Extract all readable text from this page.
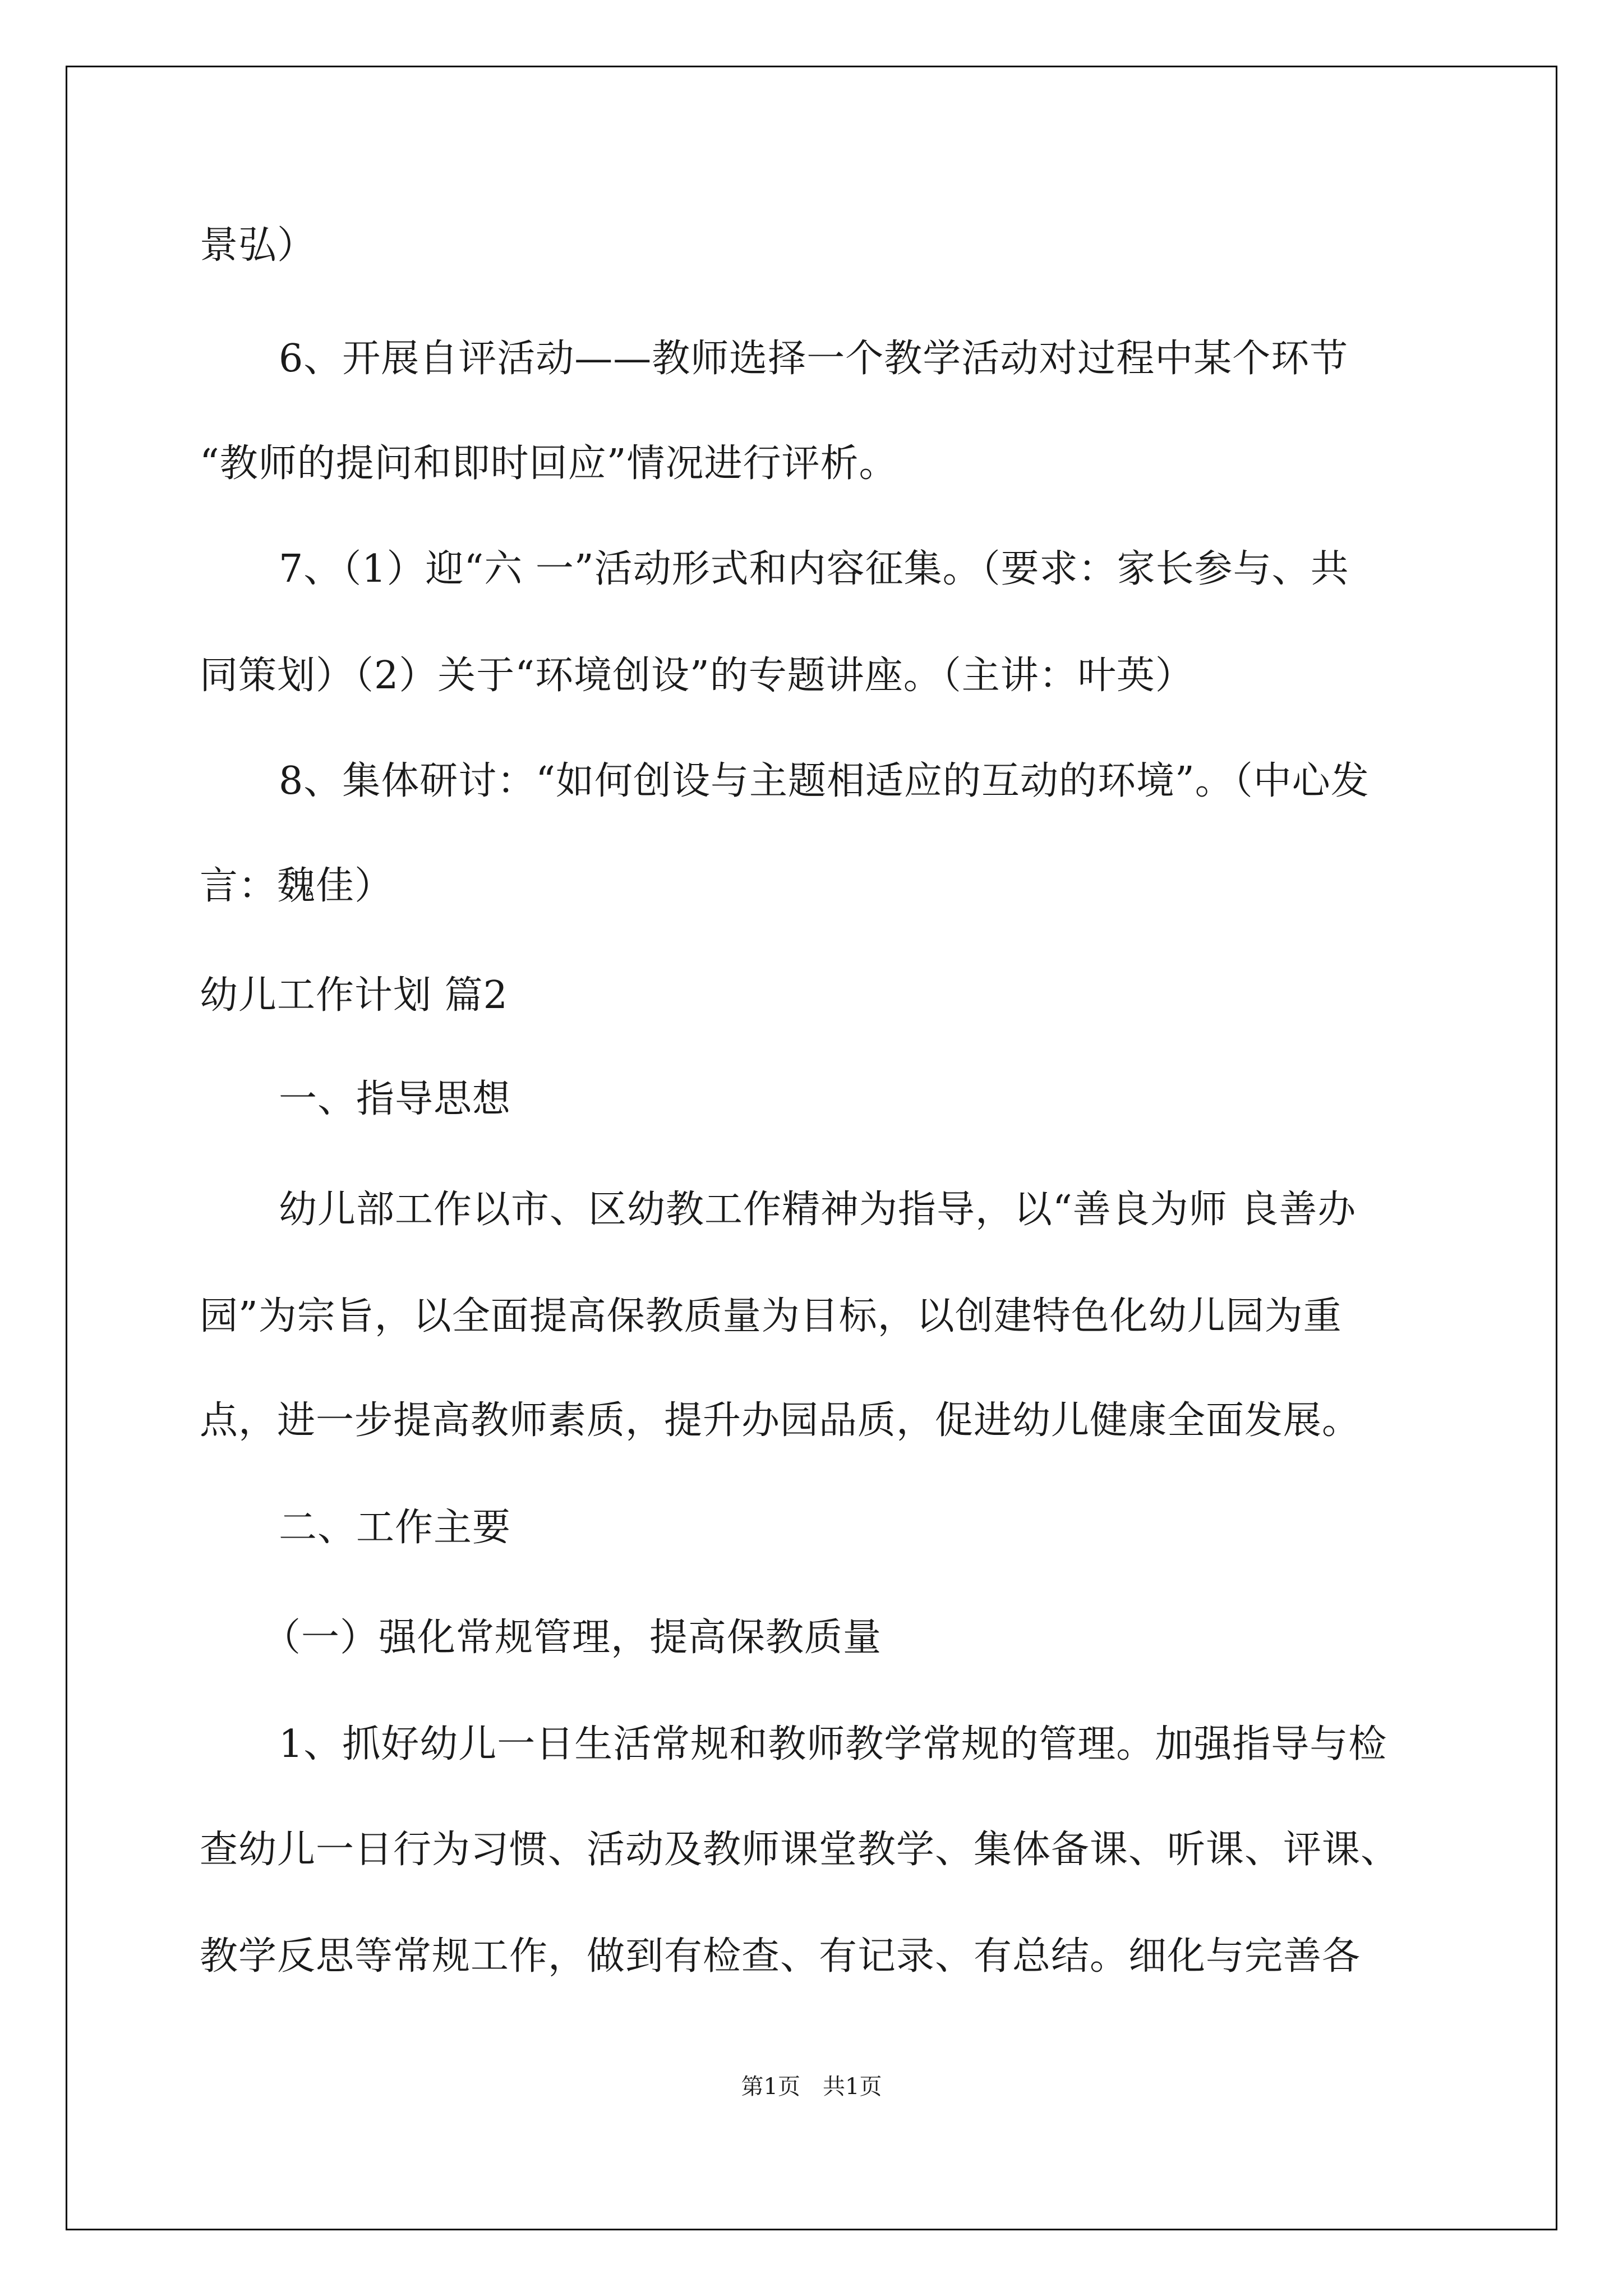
景弘）
6、开展自评活动——教师选择一个教学活动对过程中某个环节
“教师的提问和即时回应”情况进行评析。
7、（1）迎“六 一”活动形式和内容征集。（要求：家长参与、共
同策划）（2）关于“环境创设”的专题讲座。（主讲：叶英）
8、集体研讨：“如何创设与主题相适应的互动的环境”。（中心发
言：魏佳）
幼儿工作计划 篇2
一、指导思想
幼儿部工作以市、区幼教工作精神为指导，以“善良为师 良善办
园”为宗旨，以全面提高保教质量为目标，以创建特色化幼儿园为重
点，进一步提高教师素质，提升办园品质，促进幼儿健康全面发展。
二、工作主要
（一）强化常规管理，提高保教质量
1、抓好幼儿一日生活常规和教师教学常规的管理。加强指导与检
查幼儿一日行为习惯、活动及教师课堂教学、集体备课、听课、评课、
教学反思等常规工作，做到有检查、有记录、有总结。细化与完善各
第1页　共1页
